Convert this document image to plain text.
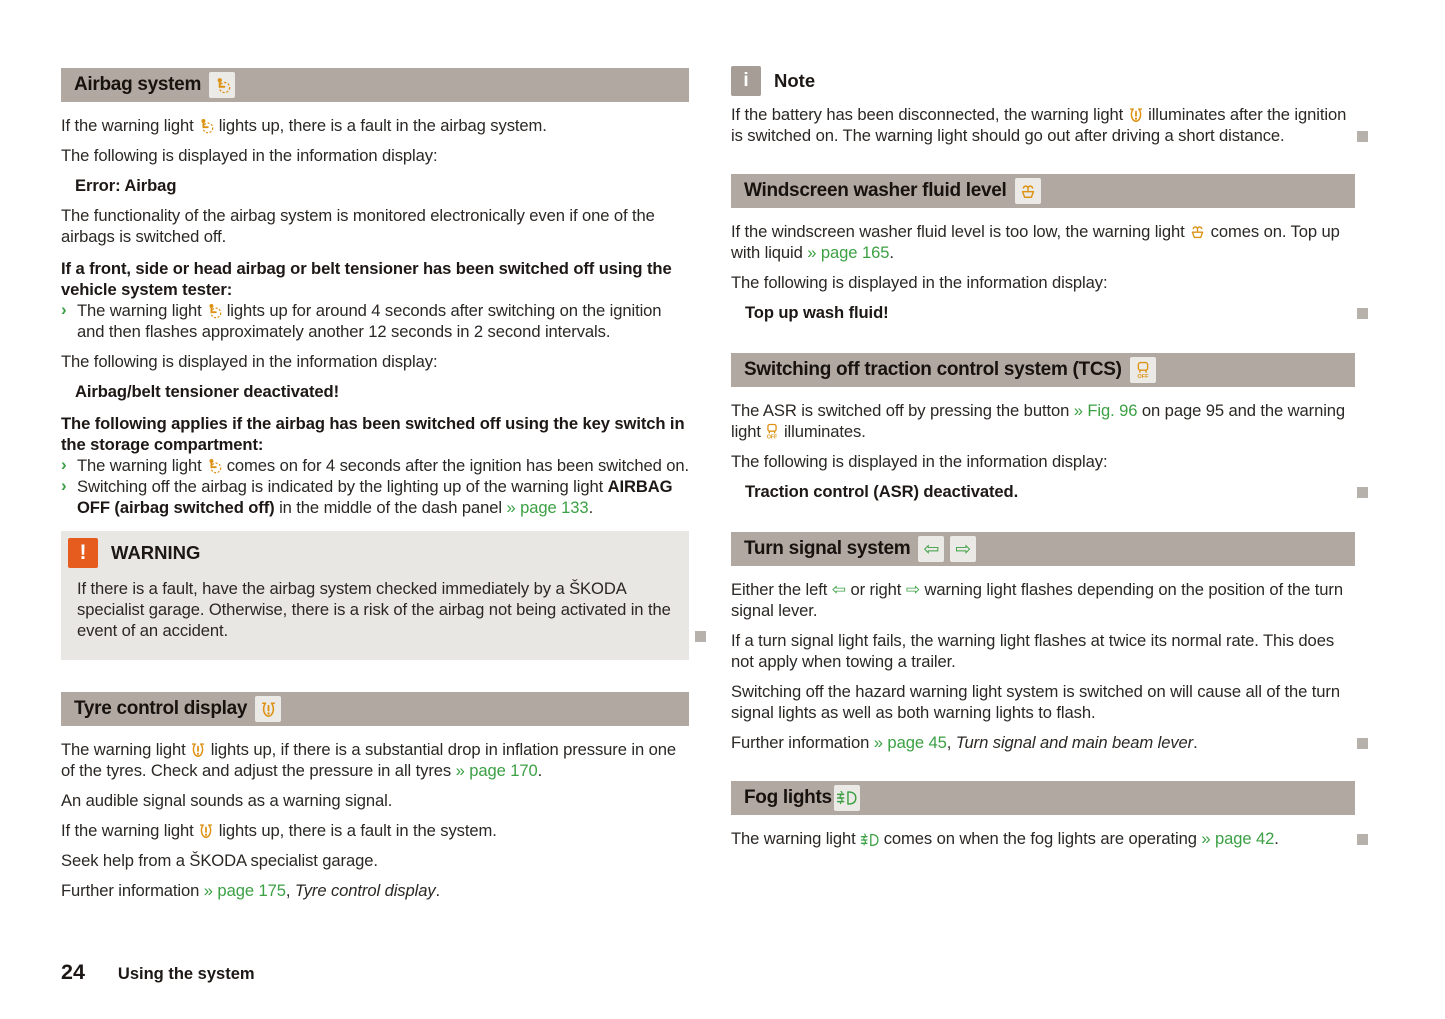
Airbag system

If the warning light  lights up, there is a fault in the airbag system.

The following is displayed in the information display:

Error: Airbag

The functionality of the airbag system is monitored electronically even if one of the airbags is switched off.

If a front, side or head airbag or belt tensioner has been switched off using the vehicle system tester:

› The warning light  lights up for around 4 seconds after switching on the ignition and then flashes approximately another 12 seconds in 2 second intervals.

The following is displayed in the information display:

Airbag/belt tensioner deactivated!

The following applies if the airbag has been switched off using the key switch in the storage compartment:

› The warning light  comes on for 4 seconds after the ignition has been switched on.

› Switching off the airbag is indicated by the lighting up of the warning light AIRBAG OFF (airbag switched off) in the middle of the dash panel » page 133.

!	WARNING

If there is a fault, have the airbag system checked immediately by a ŠKODA specialist garage. Otherwise, there is a risk of the airbag not being activated in the event of an accident.

Tyre control display

The warning light  lights up, if there is a substantial drop in inflation pressure in one of the tyres. Check and adjust the pressure in all tyres » page 170.

An audible signal sounds as a warning signal.

If the warning light  lights up, there is a fault in the system.

Seek help from a ŠKODA specialist garage.

Further information » page 175, Tyre control display.

i	Note

If the battery has been disconnected, the warning light  illuminates after the ignition is switched on. The warning light should go out after driving a short distance.

Windscreen washer fluid level

If the windscreen washer fluid level is too low, the warning light  comes on. Top up with liquid » page 165.

The following is displayed in the information display:

Top up wash fluid!

Switching off traction control system (TCS) OFF

The ASR is switched off by pressing the button » Fig. 96 on page 95 and the warning light OFF illuminates.

The following is displayed in the information display:

Traction control (ASR) deactivated.

Turn signal system ⇦ ⇨

Either the left ⇦ or right ⇨ warning light flashes depending on the position of the turn signal lever.

If a turn signal light fails, the warning light flashes at twice its normal rate. This does not apply when towing a trailer.

Switching off the hazard warning light system is switched on will cause all of the turn signal lights as well as both warning lights to flash.

Further information » page 45, Turn signal and main beam lever.

Fog lights

The warning light  comes on when the fog lights are operating » page 42.

24 Using the system
